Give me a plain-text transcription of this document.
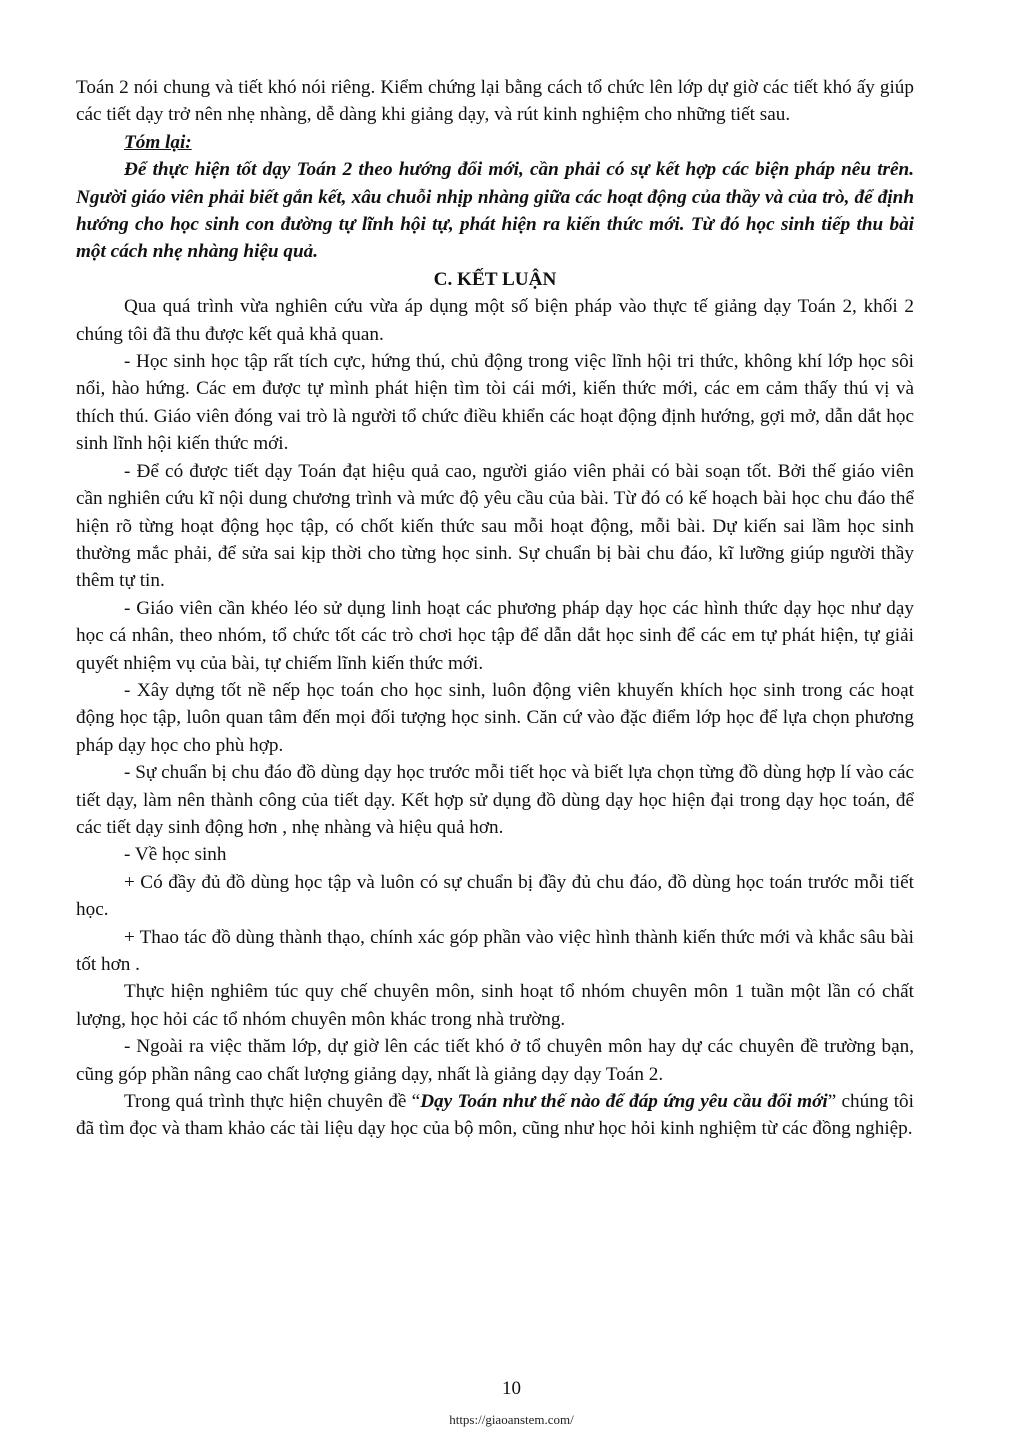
Toán 2 nói chung và tiết khó nói riêng. Kiểm chứng lại bằng cách tổ chức lên lớp dự giờ các tiết khó ấy giúp các tiết dạy trở nên nhẹ nhàng, dễ dàng khi giảng dạy, và rút kinh nghiệm cho những tiết sau.

Tóm lại:

Để thực hiện tốt dạy Toán 2 theo hướng đổi mới, cần phải có sự kết hợp các biện pháp nêu trên. Người giáo viên phải biết gắn kết, xâu chuỗi nhịp nhàng giữa các hoạt động của thầy và của trò, để định hướng cho học sinh con đường tự lĩnh hội tự, phát hiện ra kiến thức mới. Từ đó học sinh tiếp thu bài một cách nhẹ nhàng hiệu quả.

C. KẾT LUẬN

Qua quá trình vừa nghiên cứu vừa áp dụng một số biện pháp vào thực tế giảng dạy Toán 2, khối 2 chúng tôi đã thu được kết quả khả quan.

- Học sinh học tập rất tích cực, hứng thú, chủ động trong việc lĩnh hội tri thức, không khí lớp học sôi nổi, hào hứng. Các em được tự mình phát hiện tìm tòi cái mới, kiến thức mới, các em cảm thấy thú vị và thích thú. Giáo viên đóng vai trò là người tổ chức điều khiển các hoạt động định hướng, gợi mở, dẫn dắt học sinh lĩnh hội kiến thức mới.

- Để có được tiết dạy Toán đạt hiệu quả cao, người giáo viên phải có bài soạn tốt. Bởi thế giáo viên cần nghiên cứu kĩ nội dung chương trình và mức độ yêu cầu của bài. Từ đó có kế hoạch bài học chu đáo thể hiện rõ từng hoạt động học tập, có chốt kiến thức sau mỗi hoạt động, mỗi bài. Dự kiến sai lầm học sinh thường mắc phải, để sửa sai kịp thời cho từng học sinh. Sự chuẩn bị bài chu đáo, kĩ lưỡng giúp người thầy thêm tự tin.

- Giáo viên cần khéo léo sử dụng linh hoạt các phương pháp dạy học các hình thức dạy học như dạy học cá nhân, theo nhóm, tổ chức tốt các trò chơi học tập để dẫn dắt học sinh để các em tự phát hiện, tự giải quyết nhiệm vụ của bài, tự chiếm lĩnh kiến thức mới.

- Xây dựng tốt nề nếp học toán cho học sinh, luôn động viên khuyến khích học sinh trong các hoạt động học tập, luôn quan tâm đến mọi đối tượng học sinh. Căn cứ vào đặc điểm lớp học để lựa chọn phương pháp dạy học cho phù hợp.

- Sự chuẩn bị chu đáo đồ dùng dạy học trước mỗi tiết học và biết lựa chọn từng đồ dùng hợp lí vào các tiết dạy, làm nên thành công của tiết dạy. Kết hợp sử dụng đồ dùng dạy học hiện đại trong dạy học toán, để các tiết dạy sinh động hơn , nhẹ nhàng và hiệu quả hơn.

- Về học sinh

+ Có đầy đủ đồ dùng học tập và luôn có sự chuẩn bị đầy đủ chu đáo, đồ dùng học toán trước mỗi tiết học.

+ Thao tác đồ dùng thành thạo, chính xác góp phần vào việc hình thành kiến thức mới và khắc sâu bài tốt hơn .

Thực hiện nghiêm túc quy chế chuyên môn, sinh hoạt tổ nhóm chuyên môn 1 tuần một lần có chất lượng, học hỏi các tổ nhóm chuyên môn khác trong nhà trường.

- Ngoài ra việc thăm lớp, dự giờ lên các tiết khó ở tổ chuyên môn hay dự các chuyên đề trường bạn, cũng góp phần nâng cao chất lượng giảng dạy, nhất là giảng dạy dạy Toán 2.

Trong quá trình thực hiện chuyên đề “Dạy Toán như thế nào để đáp ứng yêu cầu đổi mới” chúng tôi đã tìm đọc và tham khảo các tài liệu dạy học của bộ môn, cũng như học hỏi kinh nghiệm từ các đồng nghiệp.

10
https://giaoanstem.com/
